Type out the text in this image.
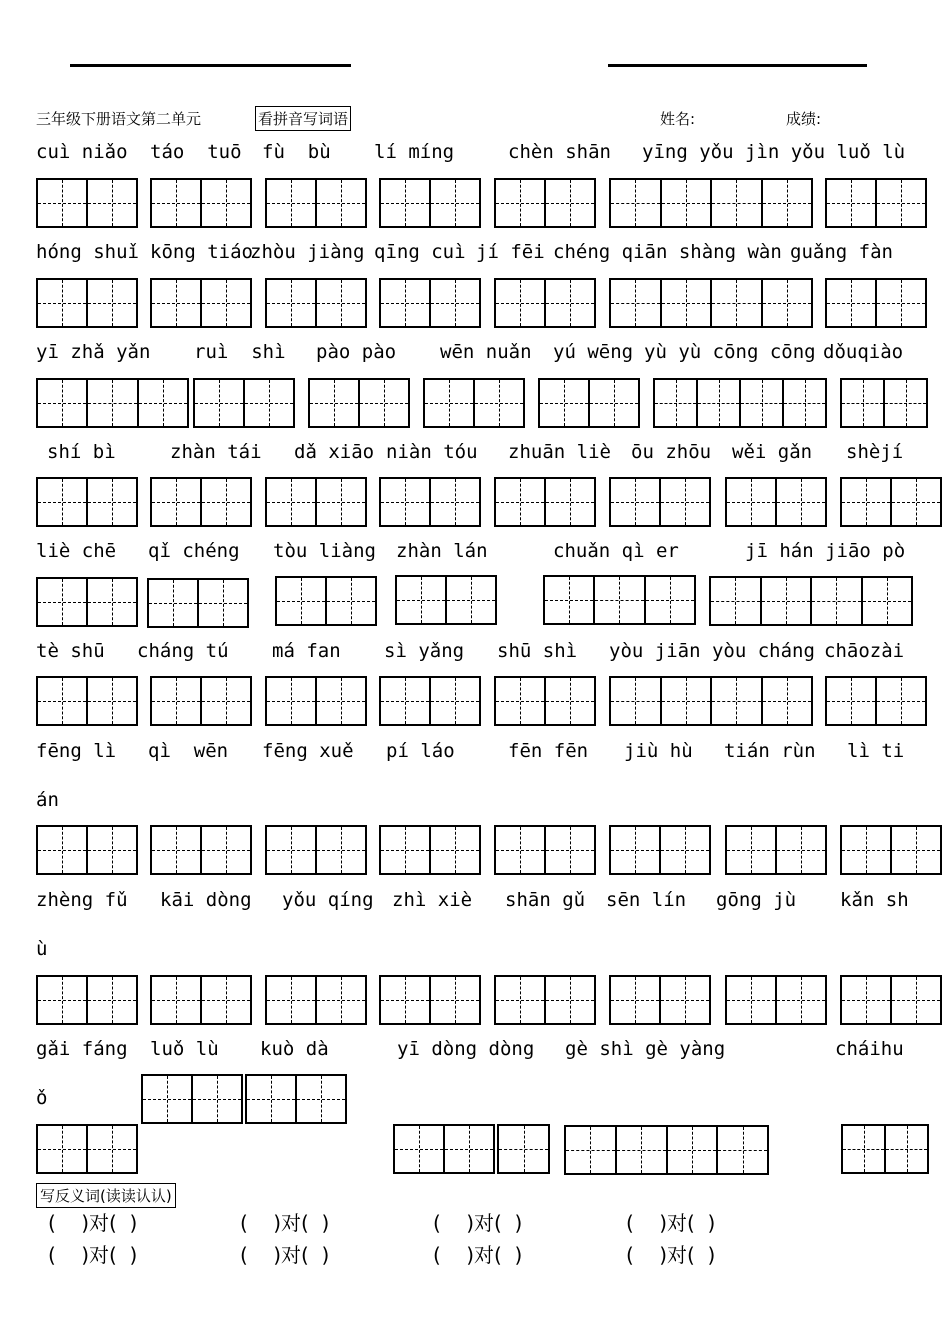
三年级下册语文第二单元	看拼音写词语	姓名:	成绩:
cuì niǎo táo  tuō fù  bù lí míng	chèn shān yīng yǒu jìn yǒu luǒ lù
hóng shuǐ kōng tiáo
zhòu jiàng qīng cuì jí fēi chéng qiān shàng wàn guǎng fàn
yī zhǎ yǎn ruì  shì pào pào wēn nuǎn yú wēng yù yù cōng cōng dǒuqiào
shí bì	zhàn tái dǎ xiāo niàn tóu zhuān liè ōu zhōu wěi gǎn shèjí
liè chē qǐ chéng tòu liàng zhàn lán	chuǎn qì er	jī hán jiāo pò
tè shū cháng tú má fan sì yǎng shū shì yòu jiān yòu cháng chāozài
fēng lì qì  wēn fēng xuě pí láo	fēn fēn jiù hù tián rùn lì ti
án
zhèng fǔ kāi dòng yǒu qíng zhì xiè shān gǔ sēn lín gōng jù kǎn sh
ù
gǎi fáng luǒ lù kuò dà	yī dòng dòng gè shì gè yàng	cháihu
ǒ
写反义词(读读认认)
(    )对(  )	(    )对(  )	(    )对(  )	(    )对(  )
(    )对(  )	(    )对(  )	(    )对(  )	(    )对(  )
